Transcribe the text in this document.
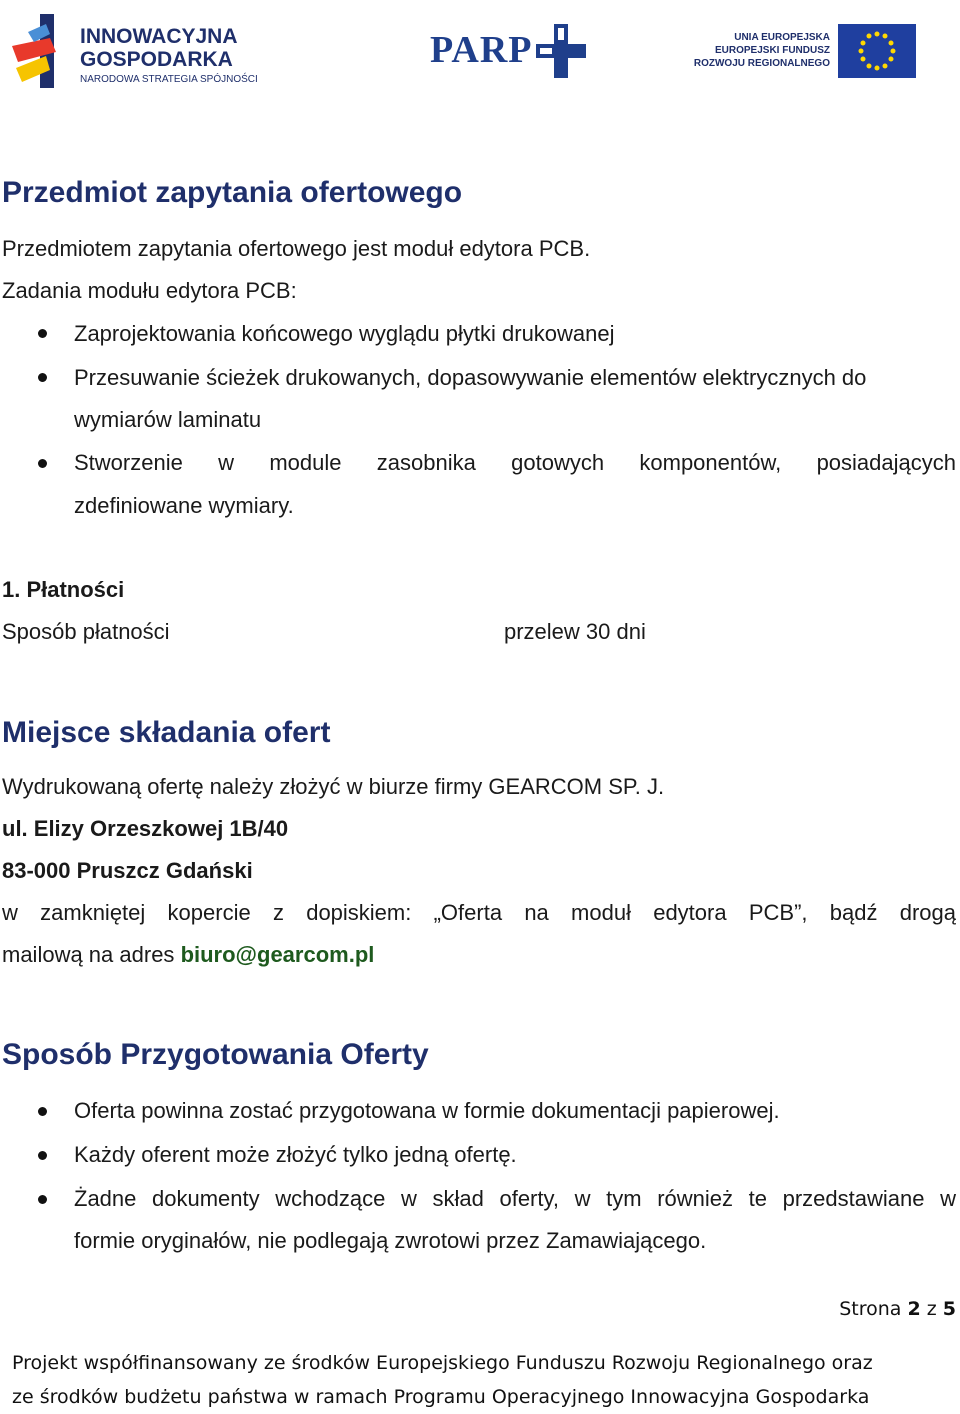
INNOWACYJNA
GOSPODARKA
NARODOWA STRATEGIA SPÓJNOŚCI
PARP	UNIA EUROPEJSKA
EUROPEJSKI FUNDUSZ
ROZWOJU REGIONALNEGO
Przedmiot zapytania ofertowego
Przedmiotem zapytania ofertowego jest moduł edytora PCB.
Zadania modułu edytora PCB:
Zaprojektowania końcowego wyglądu płytki drukowanej
Przesuwanie ścieżek drukowanych, dopasowywanie elementów elektrycznych do
wymiarów laminatu
Stworzenie w module zasobnika gotowych komponentów, posiadających
zdefiniowane wymiary.
1. Płatności
Sposób płatności	przelew 30 dni
Miejsce składania ofert
Wydrukowaną ofertę należy złożyć w biurze firmy GEARCOM SP. J.
ul. Elizy Orzeszkowej 1B/40
83-000 Pruszcz Gdański
w zamkniętej kopercie z dopiskiem: „Oferta na moduł edytora PCB”, bądź drogą
mailową na adres biuro@gearcom.pl
Sposób Przygotowania Oferty
Oferta powinna zostać przygotowana w formie dokumentacji papierowej.
Każdy oferent może złożyć tylko jedną ofertę.
Żadne dokumenty wchodzące w skład oferty, w tym również te przedstawiane w
formie oryginałów, nie podlegają zwrotowi przez Zamawiającego.
Strona 2 z 5
Projekt współfinansowany ze środków Europejskiego Funduszu Rozwoju Regionalnego oraz
ze środków budżetu państwa w ramach Programu Operacyjnego Innowacyjna Gospodarka
